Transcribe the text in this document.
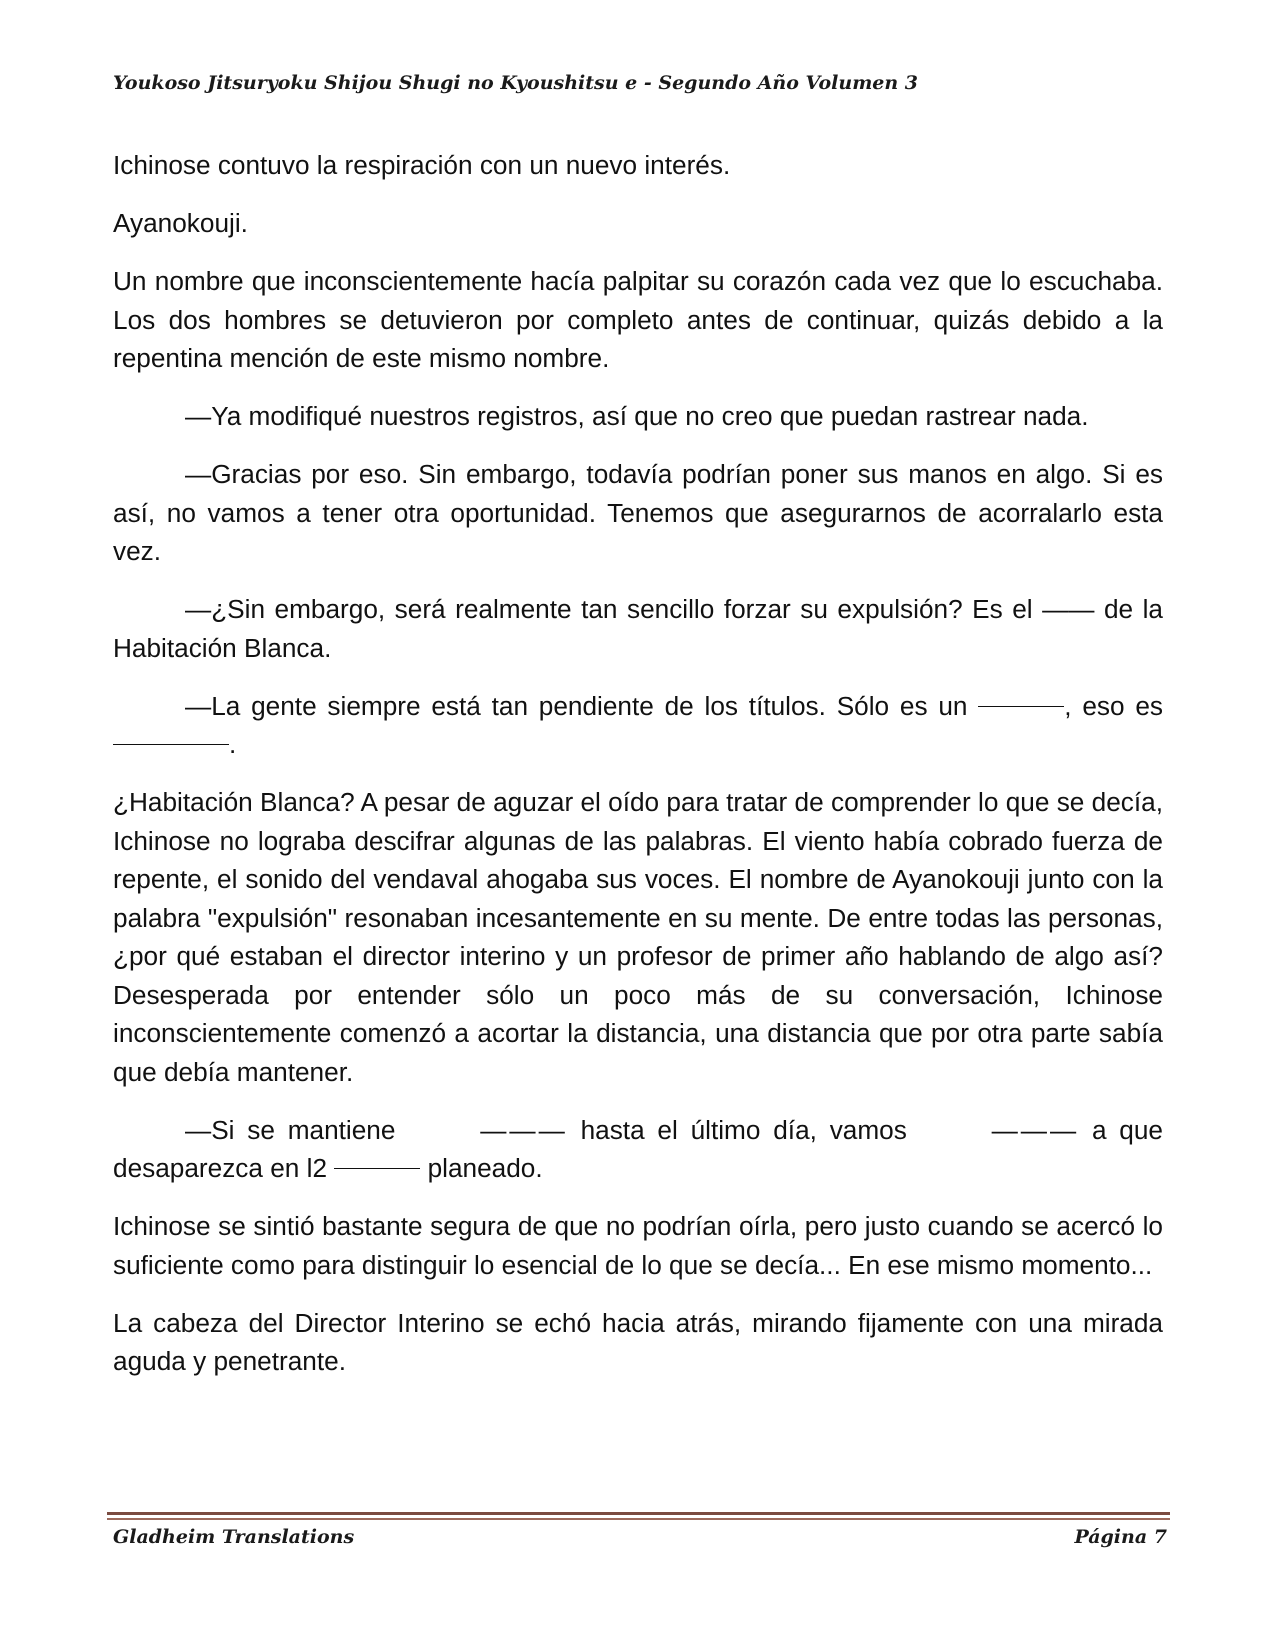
Youkoso Jitsuryoku Shijou Shugi no Kyoushitsu e - Segundo Año Volumen 3

Ichinose contuvo la respiración con un nuevo interés.

Ayanokouji.

Un nombre que inconscientemente hacía palpitar su corazón cada vez que lo escuchaba. Los dos hombres se detuvieron por completo antes de continuar, quizás debido a la repentina mención de este mismo nombre.

—Ya modifiqué nuestros registros, así que no creo que puedan rastrear nada.

—Gracias por eso. Sin embargo, todavía podrían poner sus manos en algo. Si es así, no vamos a tener otra oportunidad. Tenemos que asegurarnos de acorralarlo esta vez.

—¿Sin embargo, será realmente tan sencillo forzar su expulsión? Es el —— de la Habitación Blanca.

—La gente siempre está tan pendiente de los títulos. Sólo es un	, eso es .

¿Habitación Blanca? A pesar de aguzar el oído para tratar de comprender lo que se decía, Ichinose no lograba descifrar algunas de las palabras. El viento había cobrado fuerza de repente, el sonido del vendaval ahogaba sus voces. El nombre de Ayanokouji junto con la palabra "expulsión" resonaban incesantemente en su mente. De entre todas las personas, ¿por qué estaban el director interino y un profesor de primer año hablando de algo así? Desesperada por entender sólo un poco más de su conversación, Ichinose inconscientemente comenzó a acortar la distancia, una distancia que por otra parte sabía que debía mantener.

—Si se mantiene	——— hasta el último día, vamos	——— a que desaparezca en l2	planeado.

Ichinose se sintió bastante segura de que no podrían oírla, pero justo cuando se acercó lo suficiente como para distinguir lo esencial de lo que se decía... En ese mismo momento...

La cabeza del Director Interino se echó hacia atrás, mirando fijamente con una mirada aguda y penetrante.

Gladheim Translations	Página 7
